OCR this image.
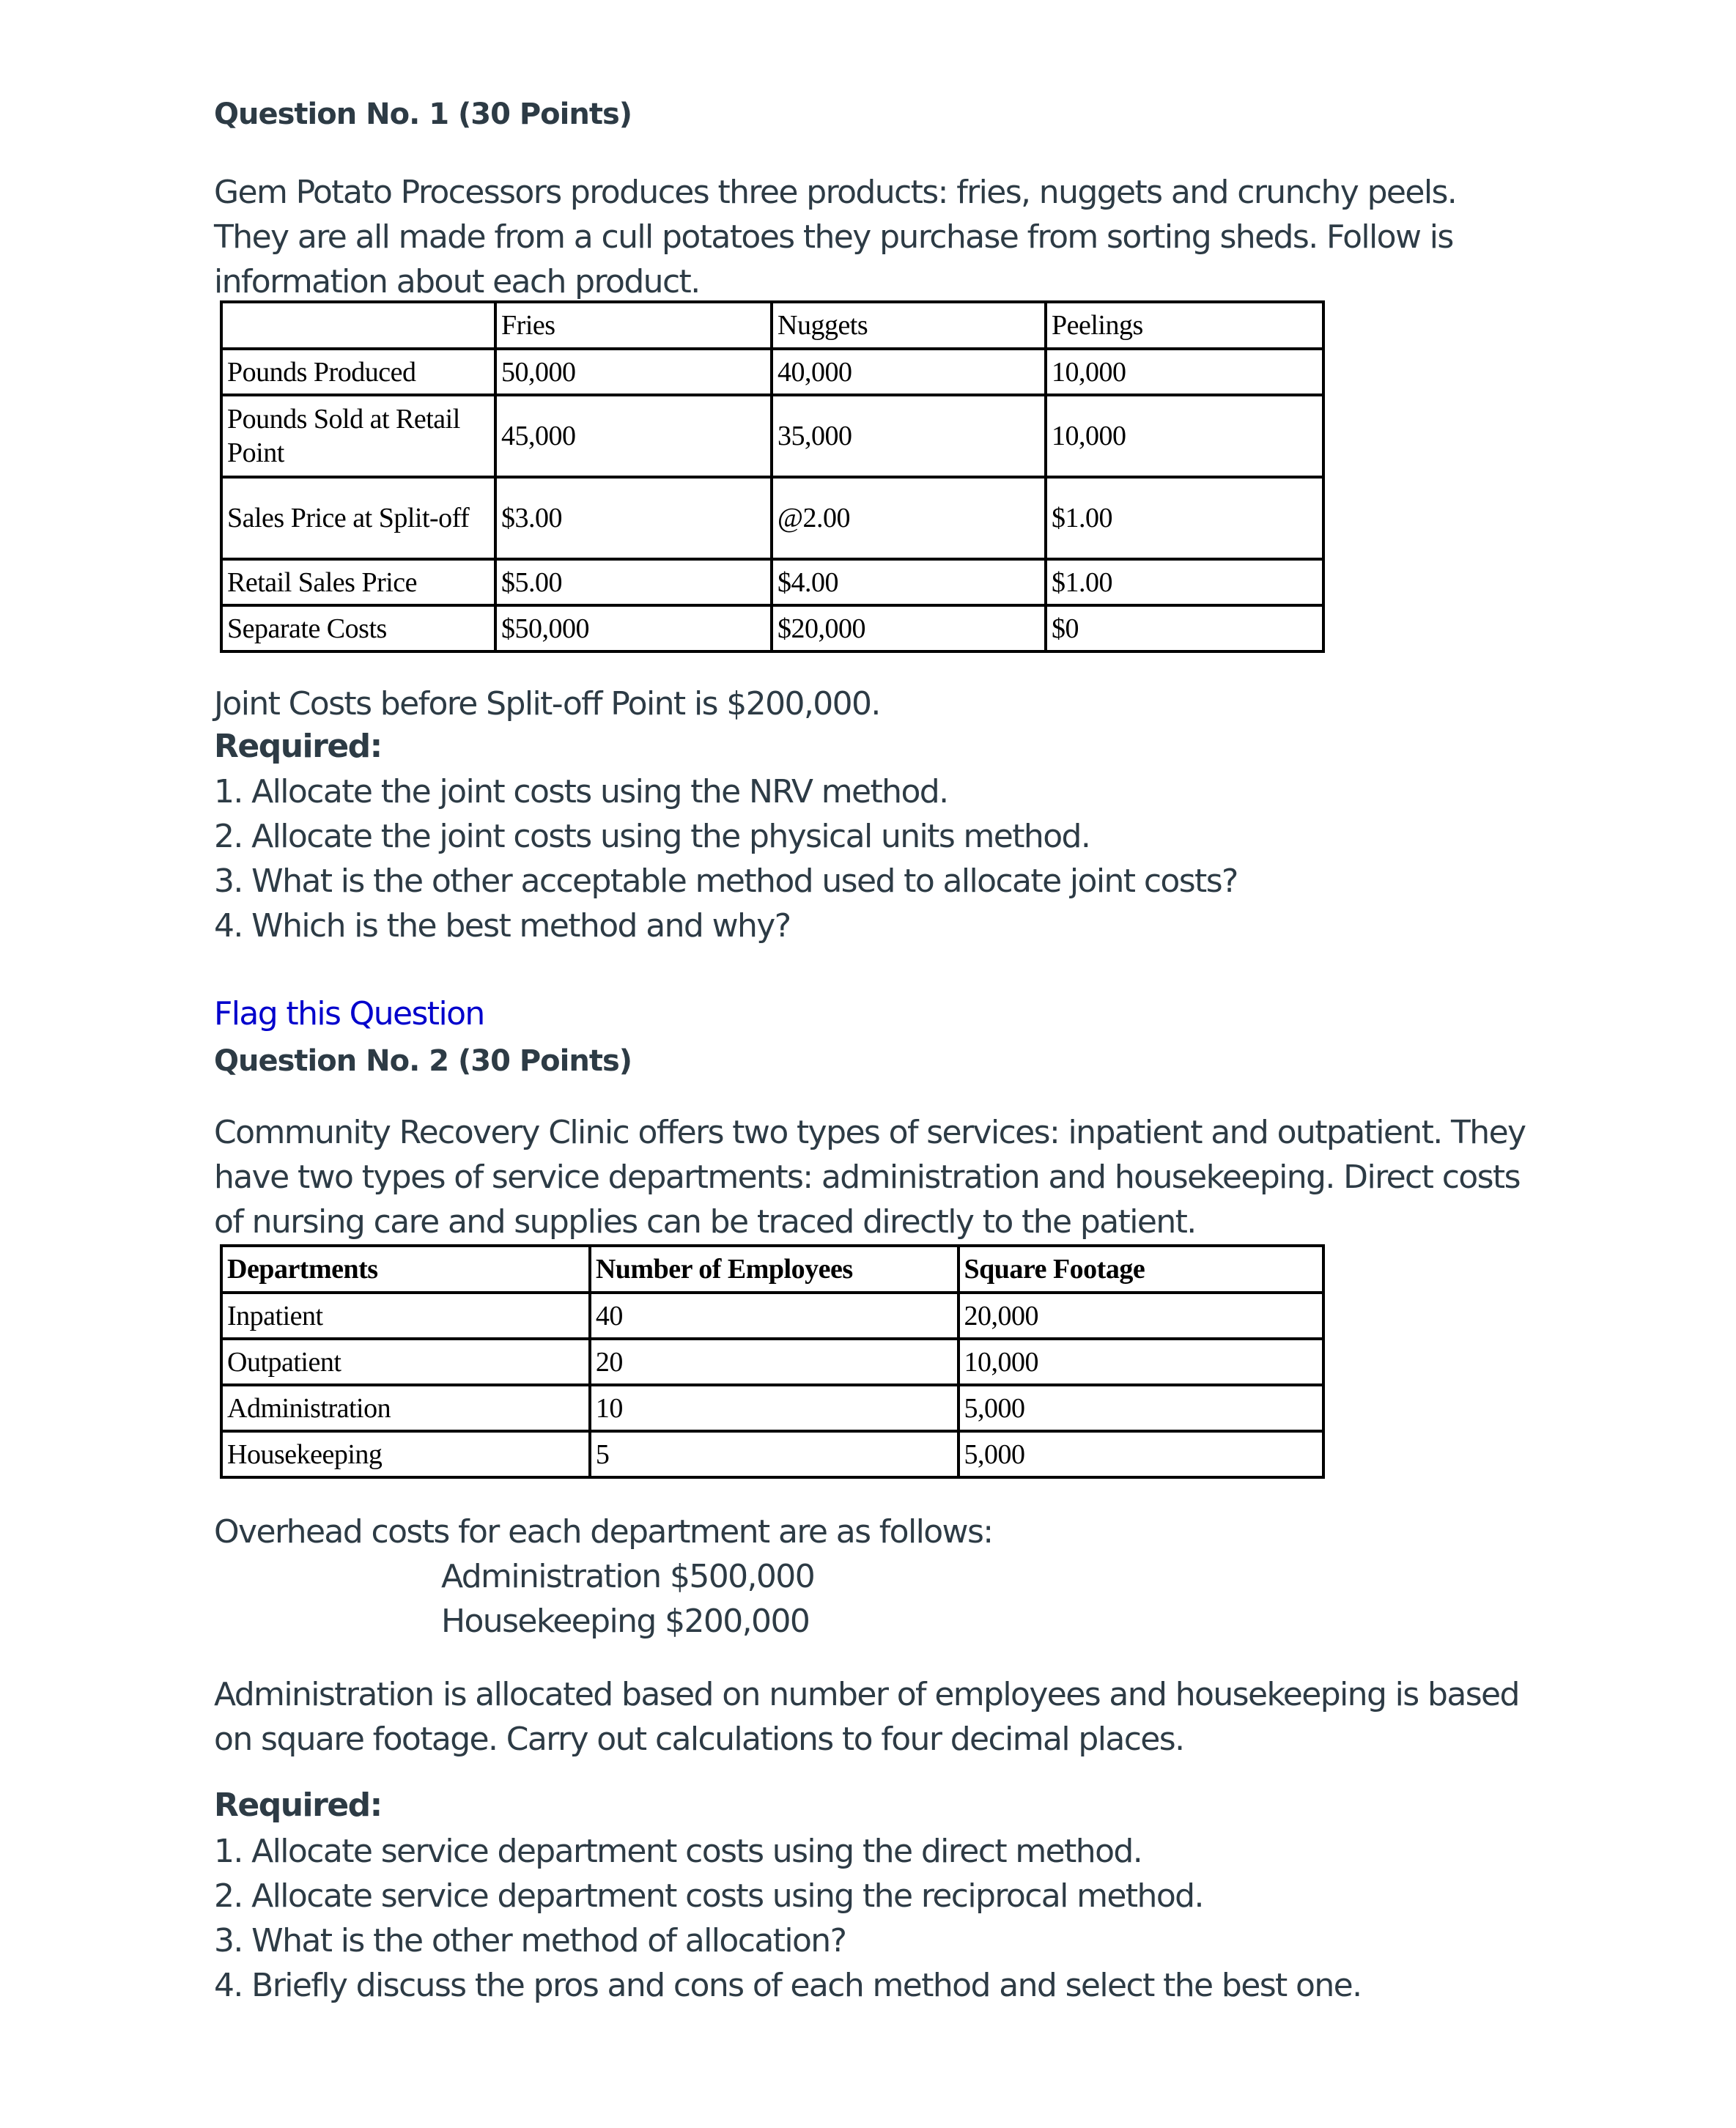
Question No. 1 (30 Points)
Gem Potato Processors produces three products: fries, nuggets and crunchy peels.
They are all made from a cull potatoes they purchase from sorting sheds. Follow is
information about each product.
	Fries	Nuggets	Peelings
Pounds Produced	50,000	40,000	10,000
Pounds Sold at Retail Point	45,000	35,000	10,000
Sales Price at Split-off	$3.00	@2.00	$1.00
Retail Sales Price	$5.00	$4.00	$1.00
Separate Costs	$50,000	$20,000	$0
Joint Costs before Split-off Point is $200,000.
Required:
1. Allocate the joint costs using the NRV method.
2. Allocate the joint costs using the physical units method.
3. What is the other acceptable method used to allocate joint costs?
4. Which is the best method and why?
Flag this Question
Question No. 2 (30 Points)
Community Recovery Clinic offers two types of services: inpatient and outpatient. They
have two types of service departments: administration and housekeeping. Direct costs
of nursing care and supplies can be traced directly to the patient.
Departments	Number of Employees	Square Footage
Inpatient	40	20,000
Outpatient	20	10,000
Administration	10	5,000
Housekeeping	5	5,000
Overhead costs for each department are as follows:
Administration $500,000
Housekeeping $200,000
Administration is allocated based on number of employees and housekeeping is based
on square footage. Carry out calculations to four decimal places.
Required:
1. Allocate service department costs using the direct method.
2. Allocate service department costs using the reciprocal method.
3. What is the other method of allocation?
4. Briefly discuss the pros and cons of each method and select the best one.
